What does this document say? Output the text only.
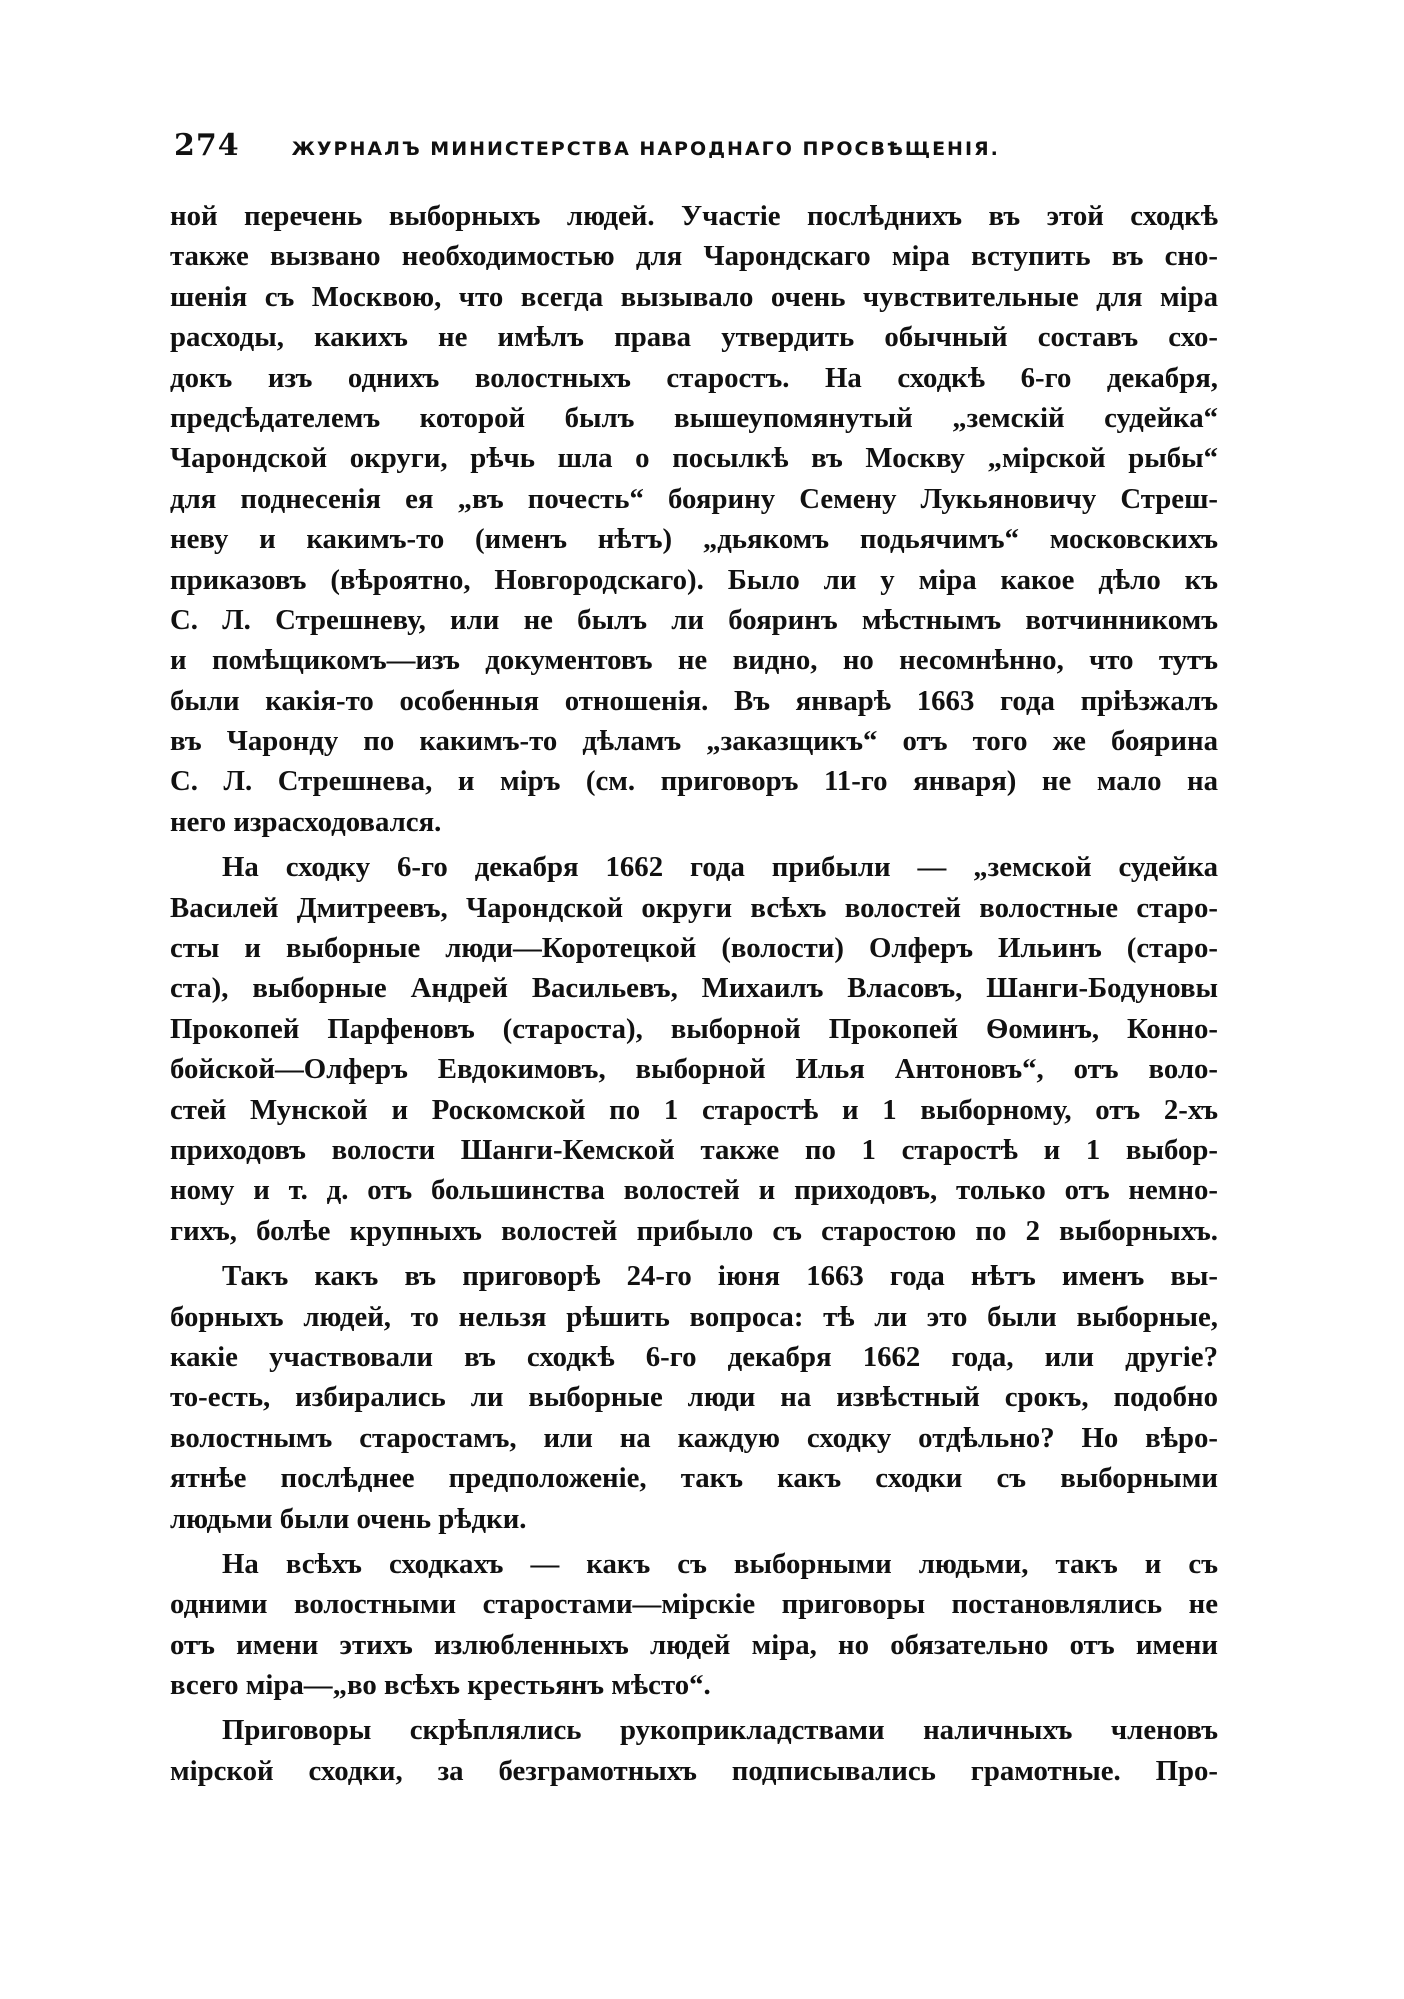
274	ЖУРНАЛЪ МИНИСТЕРСТВА НАРОДНАГО ПРОСВѢЩЕНІЯ.
ной перечень выборныхъ людей. Участіе послѣднихъ въ этой сходкѣ
также вызвано необходимостью для Чарондскаго міра вступить въ сно-
шенія съ Москвою, что всегда вызывало очень чувствительные для міра
расходы, какихъ не имѣлъ права утвердить обычный составъ схо-
докъ изъ однихъ волостныхъ старостъ. На сходкѣ 6-го декабря,
предсѣдателемъ которой былъ вышеупомянутый „земскій судейка“
Чарондской округи, рѣчь шла о посылкѣ въ Москву „мірской рыбы“
для поднесенія ея „въ почесть“ боярину Семену Лукьяновичу Стреш-
неву и какимъ-то (именъ нѣтъ) „дьякомъ подьячимъ“ московскихъ
приказовъ (вѣроятно, Новгородскаго). Было ли у міра какое дѣло къ
С. Л. Стрешневу, или не былъ ли бояринъ мѣстнымъ вотчинникомъ
и помѣщикомъ—изъ документовъ не видно, но несомнѣнно, что тутъ
были какія-то особенныя отношенія. Въ январѣ 1663 года пріѣзжалъ
въ Чаронду по какимъ-то дѣламъ „заказщикъ“ отъ того же боярина
С. Л. Стрешнева, и міръ (см. приговоръ 11-го января) не мало на
него израсходовался.
На сходку 6-го декабря 1662 года прибыли — „земской судейка
Василей Дмитреевъ, Чарондской округи всѣхъ волостей волостные старо-
сты и выборные люди—Коротецкой (волости) Олферъ Ильинъ (старо-
ста), выборные Андрей Васильевъ, Михаилъ Власовъ, Шанги-Бодуновы
Прокопей Парфеновъ (староста), выборной Прокопей Ѳоминъ, Конно-
бойской—Олферъ Евдокимовъ, выборной Илья Антоновъ“, отъ воло-
стей Мунской и Роскомской по 1 старостѣ и 1 выборному, отъ 2-хъ
приходовъ волости Шанги-Кемской также по 1 старостѣ и 1 выбор-
ному и т. д. отъ большинства волостей и приходовъ, только отъ немно-
гихъ, болѣе крупныхъ волостей прибыло съ старостою по 2 выборныхъ.
Такъ какъ въ приговорѣ 24-го іюня 1663 года нѣтъ именъ вы-
борныхъ людей, то нельзя рѣшить вопроса: тѣ ли это были выборные,
какіе участвовали въ сходкѣ 6-го декабря 1662 года, или другіе?
то-есть, избирались ли выборные люди на извѣстный срокъ, подобно
волостнымъ старостамъ, или на каждую сходку отдѣльно? Но вѣро-
ятнѣе послѣднее предположеніе, такъ какъ сходки съ выборными
людьми были очень рѣдки.
На всѣхъ сходкахъ — какъ съ выборными людьми, такъ и съ
одними волостными старостами—мірскіе приговоры постановлялись не
отъ имени этихъ излюбленныхъ людей міра, но обязательно отъ имени
всего міра—„во всѣхъ крестьянъ мѣсто“.
Приговоры скрѣплялись рукоприкладствами наличныхъ членовъ
мірской сходки, за безграмотныхъ подписывались грамотные. Про-
